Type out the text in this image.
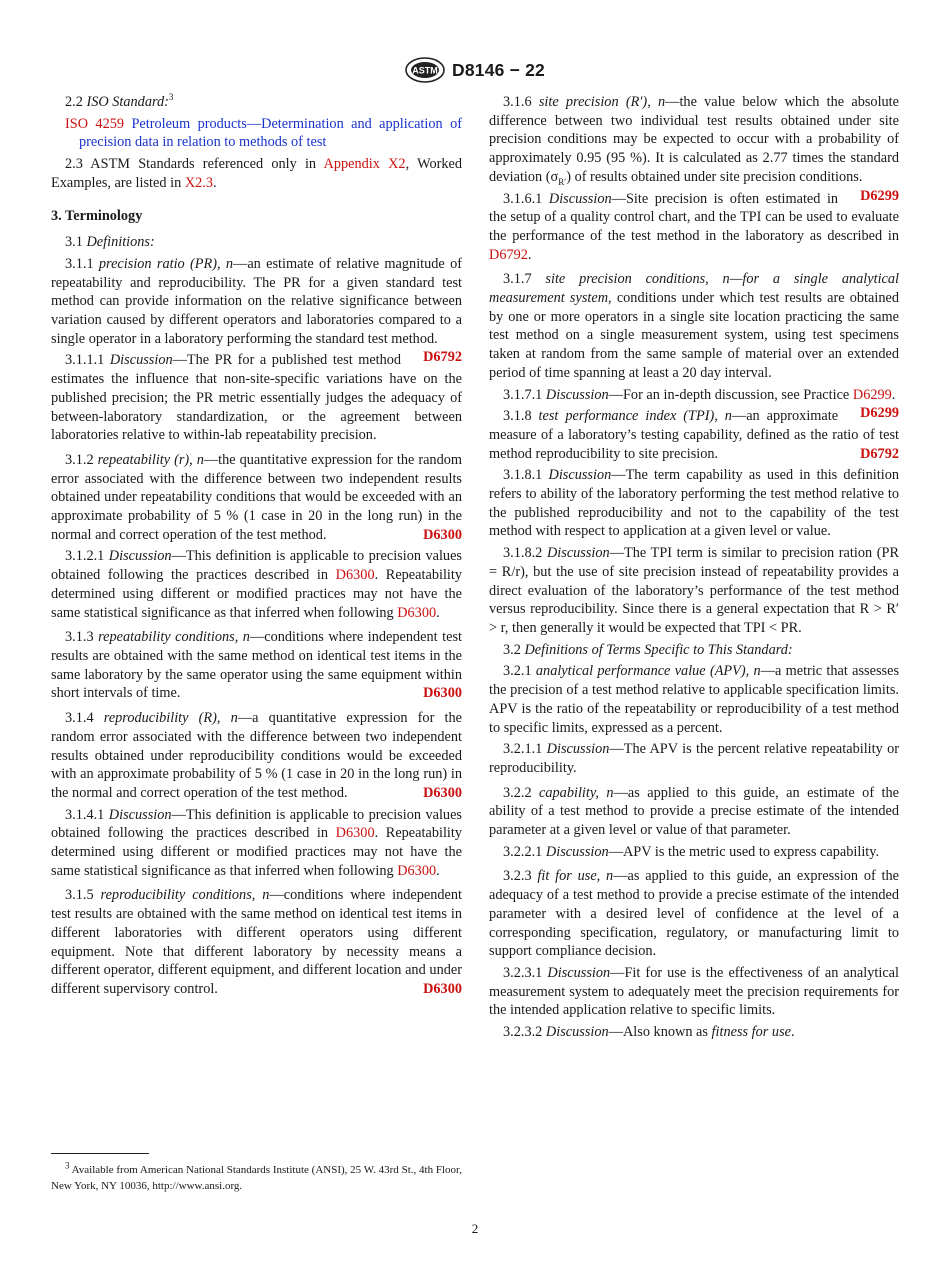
ASTM D8146 − 22

2.2 ISO Standard:$^3$

ISO 4259 Petroleum products—Determination and application of precision data in relation to methods of test

2.3 ASTM Standards referenced only in Appendix X2, Worked Examples, are listed in X2.3.

3. Terminology

3.1 Definitions:

3.1.1 precision ratio (PR), n—an estimate of relative magnitude of repeatability and reproducibility. The PR for a given standard test method can provide information on the relative significance between variation caused by different operators and laboratories compared to a single operator in a laboratory performing the standard test method.
D6792

3.1.1.1 Discussion—The PR for a published test method estimates the influence that non-site-specific variations have on the published precision; the PR metric essentially judges the adequacy of between-laboratory standardization, or the agreement between laboratories relative to within-lab repeatability precision.

3.1.2 repeatability (r), n—the quantitative expression for the random error associated with the difference between two independent results obtained under repeatability conditions that would be exceeded with an approximate probability of 5 % (1 case in 20 in the long run) in the normal and correct operation of the test method.	D6300

3.1.2.1 Discussion—This definition is applicable to precision values obtained following the practices described in D6300. Repeatability determined using different or modified practices may not have the same statistical significance as that inferred when following D6300.

3.1.3 repeatability conditions, n—conditions where independent test results are obtained with the same method on identical test items in the same laboratory by the same operator using the same equipment within short intervals of time.	D6300

3.1.4 reproducibility (R), n—a quantitative expression for the random error associated with the difference between two independent results obtained under reproducibility conditions would be exceeded with an approximate probability of 5 % (1 case in 20 in the long run) in the normal and correct operation of the test method.	D6300

3.1.4.1 Discussion—This definition is applicable to precision values obtained following the practices described in D6300. Repeatability determined using different or modified practices may not have the same statistical significance as that inferred when following D6300.

3.1.5 reproducibility conditions, n—conditions where independent test results are obtained with the same method on identical test items in different laboratories with different operators using different equipment. Note that different laboratory by necessity means a different operator, different equipment, and different location and under different supervisory control.	D6300

3.1.6 site precision (R′), n—the value below which the absolute difference between two individual test results obtained under site precision conditions may be expected to occur with a probability of approximately 0.95 (95 %). It is calculated as 2.77 times the standard deviation $(\sigma_{R'})$ of results obtained under site precision conditions.
D6299

3.1.6.1 Discussion—Site precision is often estimated in the setup of a quality control chart, and the TPI can be used to evaluate the performance of the test method in the laboratory as described in D6792.

3.1.7 site precision conditions, n—for a single analytical measurement system, conditions under which test results are obtained by one or more operators in a single site location practicing the same test method on a single measurement system, using test specimens taken at random from the same sample of material over an extended period of time spanning at least a 20 day interval.

3.1.7.1 Discussion—For an in-depth discussion, see Practice D6299.
D6299

3.1.8 test performance index (TPI), n—an approximate measure of a laboratory’s testing capability, defined as the ratio of test method reproducibility to site precision.	D6792

3.1.8.1 Discussion—The term capability as used in this definition refers to ability of the laboratory performing the test method relative to the published reproducibility and not to the capability of the test method with respect to application at a given level or value.

3.1.8.2 Discussion—The TPI term is similar to precision ration (PR = R/r), but the use of site precision instead of repeatability provides a direct evaluation of the laboratory’s performance of the test method versus reproducibility. Since there is a general expectation that R > R′ > r, then generally it would be expected that TPI < PR.

3.2 Definitions of Terms Specific to This Standard:

3.2.1 analytical performance value (APV), n—a metric that assesses the precision of a test method relative to applicable specification limits. APV is the ratio of the repeatability or reproducibility of a test method to specific limits, expressed as a percent.

3.2.1.1 Discussion—The APV is the percent relative repeatability or reproducibility.

3.2.2 capability, n—as applied to this guide, an estimate of the ability of a test method to provide a precise estimate of the intended parameter at a given level or value of that parameter.

3.2.2.1 Discussion—APV is the metric used to express capability.

3.2.3 fit for use, n—as applied to this guide, an expression of the adequacy of a test method to provide a precise estimate of the intended parameter with a desired level of confidence at the level of a corresponding specification, regulatory, or manufacturing limit to support compliance decision.

3.2.3.1 Discussion—Fit for use is the effectiveness of an analytical measurement system to adequately meet the precision requirements for the intended application relative to specific limits.

3.2.3.2 Discussion—Also known as fitness for use.

$^3$ Available from American National Standards Institute (ANSI), 25 W. 43rd St., 4th Floor, New York, NY 10036, http://www.ansi.org.

2
